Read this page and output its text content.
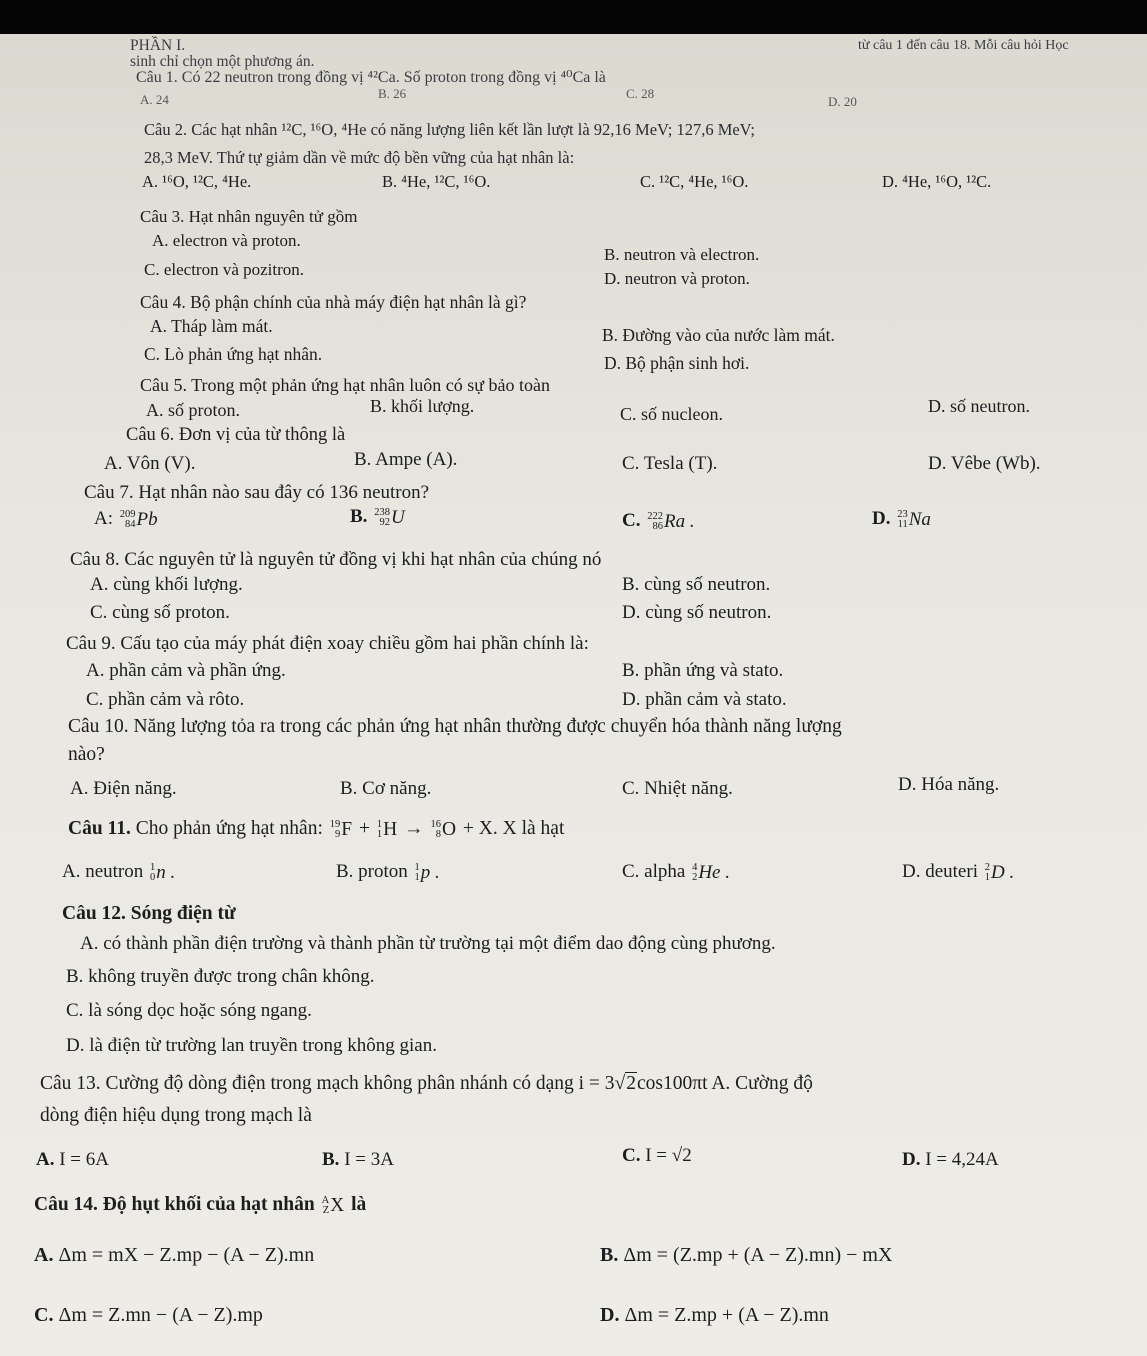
PHẦN I.	từ câu 1 đến câu 18. Mỗi câu hỏi Học
sinh chỉ chọn một phương án.
Câu 1. Có 22 neutron trong đồng vị ⁴²Ca. Số proton trong đồng vị ⁴⁰Ca là
B. 26
A. 24	C. 28
D. 20
Câu 2. Các hạt nhân ¹²C, ¹⁶O, ⁴He có năng lượng liên kết lần lượt là 92,16 MeV; 127,6 MeV;
28,3 MeV. Thứ tự giảm dần về mức độ bền vững của hạt nhân là:
A. ¹⁶O, ¹²C, ⁴He.	B. ⁴He, ¹²C, ¹⁶O.	C. ¹²C, ⁴He, ¹⁶O.	D. ⁴He, ¹⁶O, ¹²C.
Câu 3. Hạt nhân nguyên tử gồm
A. electron và proton.
B. neutron và electron.
C. electron và pozitron.	D. neutron và proton.
Câu 4. Bộ phận chính của nhà máy điện hạt nhân là gì?
A. Tháp làm mát.	B. Đường vào của nước làm mát.
C. Lò phản ứng hạt nhân.	D. Bộ phận sinh hơi.
Câu 5. Trong một phản ứng hạt nhân luôn có sự bảo toàn
A. số proton.	B. khối lượng.	C. số nucleon.	D. số neutron.
Câu 6. Đơn vị của từ thông là
A. Vôn (V).	B. Ampe (A).	C. Tesla (T).	D. Vêbe (Wb).
Câu 7. Hạt nhân nào sau đây có 136 neutron?
A: 209
84 Pb	B. 238
92 U	C. 222
86 Ra .	D. 23
11 Na
Câu 8. Các nguyên tử là nguyên tử đồng vị khi hạt nhân của chúng nó
A. cùng khối lượng.	B. cùng số neutron.
C. cùng số proton.	D. cùng số neutron.
Câu 9. Cấu tạo của máy phát điện xoay chiều gồm hai phần chính là:
A. phần cảm và phần ứng.	B. phần ứng và stato.
C. phần cảm và rôto.	D. phần cảm và stato.
Câu 10. Năng lượng tỏa ra trong các phản ứng hạt nhân thường được chuyển hóa thành năng lượng
nào?
A. Điện năng.	B. Cơ năng.	C. Nhiệt năng.	D. Hóa năng.
Câu 11. Cho phản ứng hạt nhân: 19
9 F + 1
1 H → 16
8 O + X. X là hạt
A. neutron 1
0 n .	B. proton 1
1 p .	C. alpha 4
2 He .	D. deuteri 2
1 D .
Câu 12. Sóng điện từ
A. có thành phần điện trường và thành phần từ trường tại một điểm dao động cùng phương.
B. không truyền được trong chân không.
C. là sóng dọc hoặc sóng ngang.
D. là điện từ trường lan truyền trong không gian.
Câu 13. Cường độ dòng điện trong mạch không phân nhánh có dạng i = 3√2cos100πt A. Cường độ
dòng điện hiệu dụng trong mạch là
A. I = 6A	B. I = 3A	C. I = √2	D. I = 4,24A
Câu 14. Độ hụt khối của hạt nhân A
Z X là
A. Δm = mX − Z.mp − (A − Z).mn	B. Δm = (Z.mp + (A − Z).mn) − mX
C. Δm = Z.mn − (A − Z).mp	D. Δm = Z.mp + (A − Z).mn
